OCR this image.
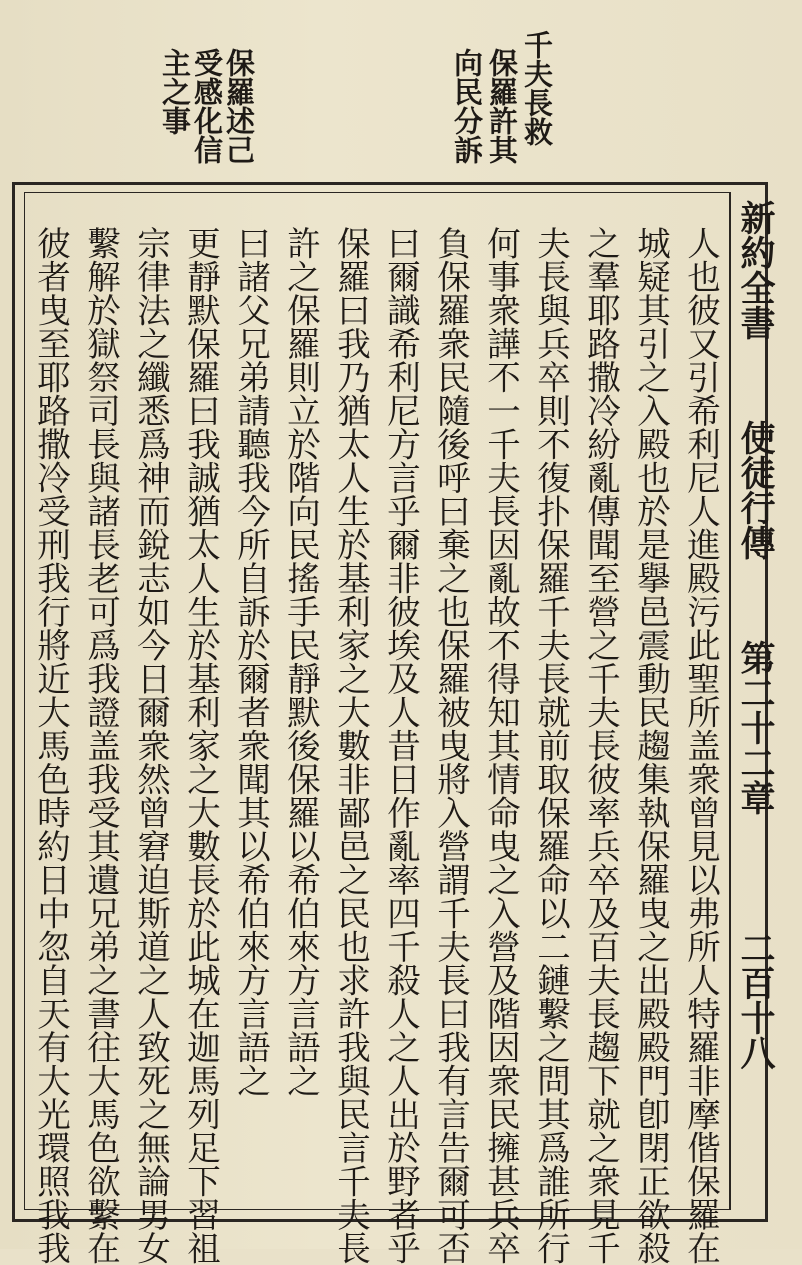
千夫長救
保羅許其
向民分訴
保羅述己
受感化信
主之事
新約全書
使徒行傳
第二十二章
二百十八
人也彼又引希利尼人進殿污此聖所盖衆曾見以弗所人特羅非摩偕保羅在
城疑其引之入殿也於是擧邑震動民趨集執保羅曳之出殿殿門卽閉正欲殺
之羣耶路撒冷紛亂傳聞至營之千夫長彼率兵卒及百夫長趨下就之衆見千
夫長與兵卒則不復扑保羅千夫長就前取保羅命以二鏈繫之問其爲誰所行
何事衆譁不一千夫長因亂故不得知其情命曳之入營及階因衆民擁甚兵卒
負保羅衆民隨後呼曰棄之也保羅被曳將入營謂千夫長曰我有言告爾可否
曰爾識希利尼方言乎爾非彼埃及人昔日作亂率四千殺人之人出於野者乎
保羅曰我乃猶太人生於基利家之大數非鄙邑之民也求許我與民言千夫長
許之保羅則立於階向民搖手民靜默後保羅以希伯來方言語之
曰諸父兄弟請聽我今所自訴於爾者衆聞其以希伯來方言語之
更靜默保羅曰我誠猶太人生於基利家之大數長於此城在迦馬列足下習祖
宗律法之纖悉爲神而銳志如今日爾衆然曾窘迫斯道之人致死之無論男女
繫解於獄祭司長與諸長老可爲我證盖我受其遺兄弟之書往大馬色欲繫在
彼者曳至耶路撒冷受刑我行將近大馬色時約日中忽自天有大光環照我我
